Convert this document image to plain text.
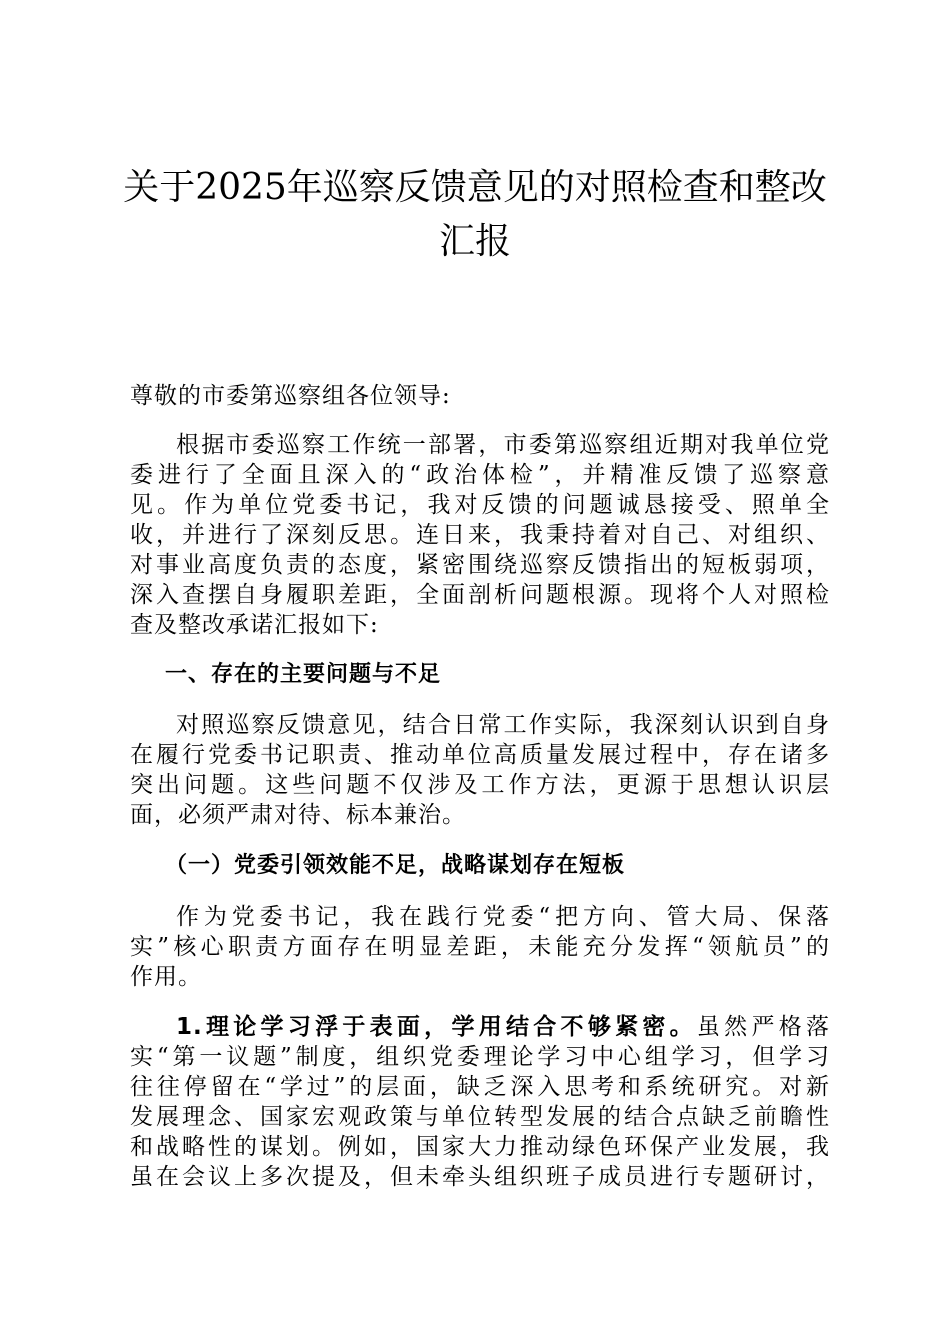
关于2025年巡察反馈意见的对照检查和整改
汇报

尊敬的市委第巡察组各位领导:

根据市委巡察工作统一部署，市委第巡察组近期对我单位党
委进行了全面且深入的“政治体检”，并精准反馈了巡察意
见。作为单位党委书记，我对反馈的问题诚恳接受、照单全
收，并进行了深刻反思。连日来，我秉持着对自己、对组织、
对事业高度负责的态度，紧密围绕巡察反馈指出的短板弱项，
深入查摆自身履职差距，全面剖析问题根源。现将个人对照检
查及整改承诺汇报如下:
一、存在的主要问题与不足
对照巡察反馈意见，结合日常工作实际，我深刻认识到自身
在履行党委书记职责、推动单位高质量发展过程中，存在诸多
突出问题。这些问题不仅涉及工作方法，更源于思想认识层
面，必须严肃对待、标本兼治。
（一）党委引领效能不足，战略谋划存在短板
作为党委书记，我在践行党委“把方向、管大局、保落
实”核心职责方面存在明显差距，未能充分发挥“领航员”的
作用。
1.理论学习浮于表面，学用结合不够紧密。虽然严格落
实“第一议题”制度，组织党委理论学习中心组学习，但学习
往往停留在“学过”的层面，缺乏深入思考和系统研究。对新
发展理念、国家宏观政策与单位转型发展的结合点缺乏前瞻性
和战略性的谋划。例如，国家大力推动绿色环保产业发展，我
虽在会议上多次提及，但未牵头组织班子成员进行专题研讨，
